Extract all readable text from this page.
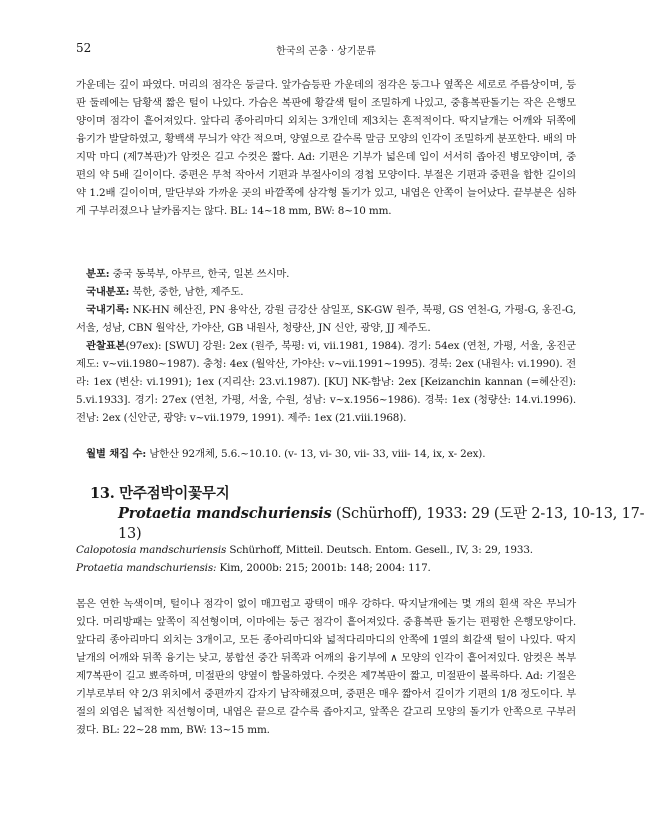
52	한국의 곤충 · 상기문류
가운데는 깊이 파였다. 머리의 점각은 둥글다. 앞가슴등판 가운데의 점각은 둥그나 옆쪽은 세로로 주름상이며, 등판 둘레에는 담황색 짧은 털이 나있다. 가슴은 복판에 황갈색 털이 조밀하게 나있고, 중흉복판돌기는 작은 은행모양이며 점각이 흩어져있다. 앞다리 종아리마디 외치는 3개인데 제3치는 흔적적이다. 딱지날개는 어깨와 뒤쪽에 융기가 발달하였고, 황백색 무늬가 약간 적으며, 양옆으로 갈수록 말금 모양의 인각이 조밀하게 분포한다. 배의 마지막 마디 (제7복판)가 암컷은 길고 수컷은 짧다. Ad: 기편은 기부가 넓은데 입이 서서히 좁아진 병모양이며, 중편의 약 5배 길이이다. 중편은 무척 작아서 기편과 부절사이의 경첩 모양이다. 부절은 기편과 중편을 합한 길이의 약 1.2배 길이이며, 말단부와 가까운 곳의 바깥쪽에 삼각형 돌기가 있고, 내엽은 안쪽이 늘어났다. 끝부분은 심하게 구부러졌으나 날카롭지는 않다. BL: 14~18 mm, BW: 8~10 mm.
분포: 중국 동북부, 아무르, 한국, 일본 쓰시마.
국내분포: 북한, 중한, 남한, 제주도.
국내기록: NK-HN 혜산진, PN 용악산, 강원 금강산 삼일포, SK-GW 원주, 북평, GS 연천-G, 가평-G, 옹진-G, 서울, 성남, CBN 월악산, 가야산, GB 내원사, 청량산, JN 신안, 광양, JJ 제주도.
관찰표본(97ex): [SWU] 강원: 2ex (원주, 북평: vi, vii.1981, 1984). 경기: 54ex (연천, 가평, 서울, 옹진군제도: v~vii.1980~1987). 충청: 4ex (월악산, 가야산: v~vii.1991~1995). 경북: 2ex (내원사: vi.1990). 전라: 1ex (변산: vi.1991); 1ex (지리산: 23.vi.1987). [KU] NK-함남: 2ex [Keizanchin kannan (=혜산진): 5.vi.1933]. 경기: 27ex (연천, 가평, 서울, 수원, 성남: v~x.1956~1986). 경북: 1ex (청량산: 14.vi.1996). 전남: 2ex (신안군, 광양: v~vii.1979, 1991). 제주: 1ex (21.viii.1968).
월별 채집 수: 남한산 92개체, 5.6.~10.10. (v- 13, vi- 30, vii- 33, viii- 14, ix, x- 2ex).
13. 만주점박이꽃무지
Protaetia mandschuriensis (Schürhoff), 1933: 29 (도판 2-13, 10-13, 17-13)
Calopotosia mandschuriensis Schürhoff, Mitteil. Deutsch. Entom. Gesell., IV, 3: 29, 1933.
Protaetia mandschuriensis: Kim, 2000b: 215; 2001b: 148; 2004: 117.
몸은 연한 녹색이며, 털이나 점각이 없이 매끄럽고 광택이 매우 강하다. 딱지날개에는 몇 개의 흰색 작은 무늬가 있다. 머리방패는 앞쪽이 직선형이며, 이마에는 둥근 점각이 흩어져있다. 중흉복판 돌기는 편평한 은행모양이다. 앞다리 종아리마디 외치는 3개이고, 모든 종아리마디와 넓적다리마디의 안쪽에 1열의 회갈색 털이 나있다. 딱지날개의 어깨와 뒤쪽 융기는 낮고, 봉합선 중간 뒤쪽과 어깨의 융기부에 ∧ 모양의 인각이 흩어져있다. 암컷은 복부 제7복판이 길고 뾰족하며, 미절판의 양옆이 함몰하였다. 수컷은 제7복판이 짧고, 미절판이 볼록하다. Ad: 기절은 기부로부터 약 2/3 위치에서 중편까지 갑자기 납작해졌으며, 중편은 매우 짧아서 길이가 기편의 1/8 정도이다. 부절의 외엽은 넓적한 직선형이며, 내엽은 끝으로 갈수록 좁아지고, 앞쪽은 갈고리 모양의 돌기가 안쪽으로 구부러졌다. BL: 22~28 mm, BW: 13~15 mm.
